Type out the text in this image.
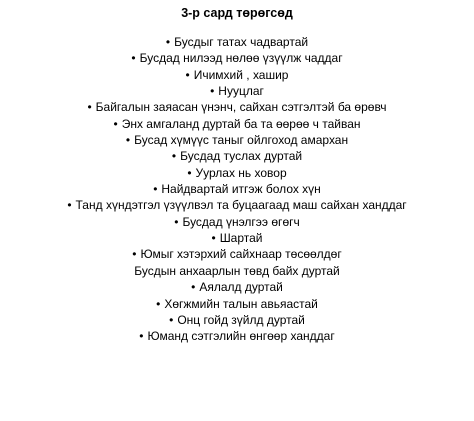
3-р сард төрөгсөд
• Бусдыг татах чадвартай
• Бусдад нилээд нөлөө үзүүлж чаддаг
• Ичимхий , хашир
• Нууцлаг
• Байгалын заяасан үнэнч, сайхан сэтгэлтэй ба өрөвч
• Энх амгаланд дуртай ба та өөрөө ч тайван
• Бусад хүмүүс таныг ойлгоход амархан
• Бусдад туслах дуртай
• Уурлах нь ховор
• Найдвартай итгэж болох хүн
• Танд хүндэтгэл үзүүлвэл та буцаагаад маш сайхан ханддаг
• Бусдад үнэлгээ өгөгч
• Шартай
• Юмыг хэтэрхий сайхнаар төсөөлдөг
Бусдын анхаарлын төвд байх дуртай
• Аялалд дуртай
• Хөгжмийн талын авьяастай
• Онц гойд зүйлд дуртай
• Юманд сэтгэлийн өнгөөр ханддаг
